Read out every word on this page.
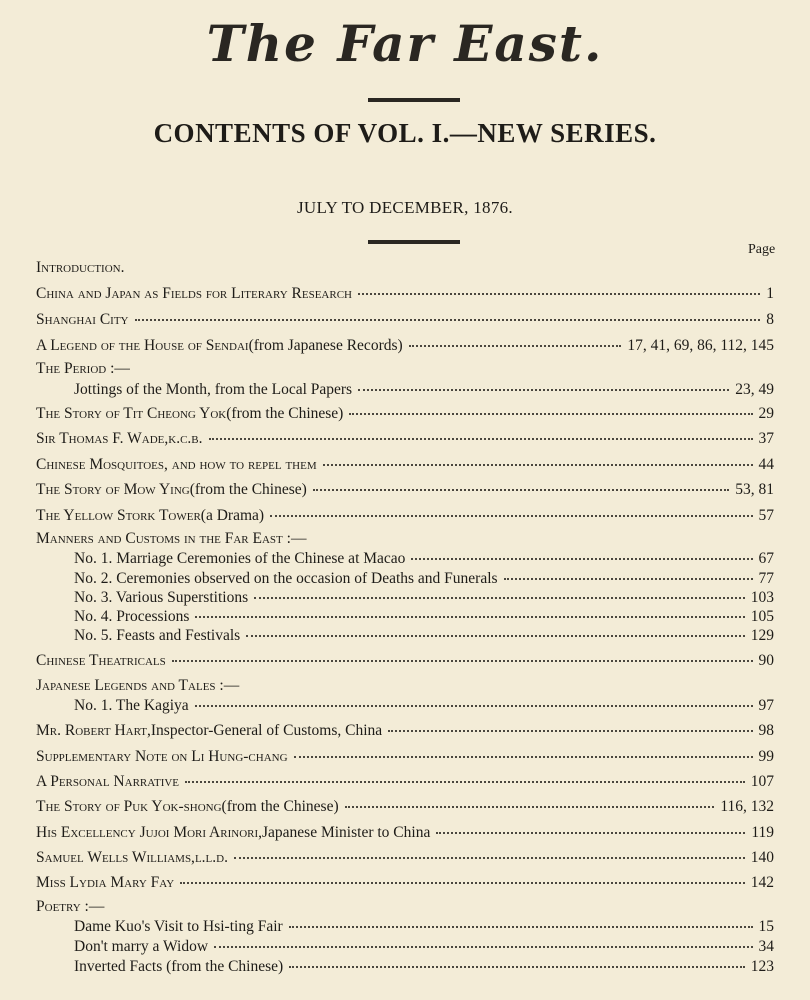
The Far East.
CONTENTS OF VOL. I.—NEW SERIES.
JULY TO DECEMBER, 1876.
Page
Introduction.
China and Japan as Fields for Literary Research	1
Shanghai City	8
A Legend of the House of Sendai (from Japanese Records)	17, 41, 69, 86, 112, 145
The Period :—
Jottings of the Month, from the Local Papers	23, 49
The Story of Tit Cheong Yok (from the Chinese)	29
Sir Thomas F. Wade, k.c.b.	37
Chinese Mosquitoes, and how to repel them	44
The Story of Mow Ying (from the Chinese)	53, 81
The Yellow Stork Tower (a Drama)	57
Manners and Customs in the Far East :—
No. 1. Marriage Ceremonies of the Chinese at Macao	67
No. 2. Ceremonies observed on the occasion of Deaths and Funerals	77
No. 3. Various Superstitions	103
No. 4. Processions	105
No. 5. Feasts and Festivals	129
Chinese Theatricals	90
Japanese Legends and Tales :—
No. 1. The Kagiya	97
Mr. Robert Hart, Inspector-General of Customs, China	98
Supplementary Note on Li Hung-chang	99
A Personal Narrative	107
The Story of Puk Yok-shong (from the Chinese)	116, 132
His Excellency Jujoi Mori Arinori, Japanese Minister to China	119
Samuel Wells Williams, l.l.d.	140
Miss Lydia Mary Fay	142
Poetry :—
Dame Kuo's Visit to Hsi-ting Fair	15
Don't marry a Widow	34
Inverted Facts (from the Chinese)	123
